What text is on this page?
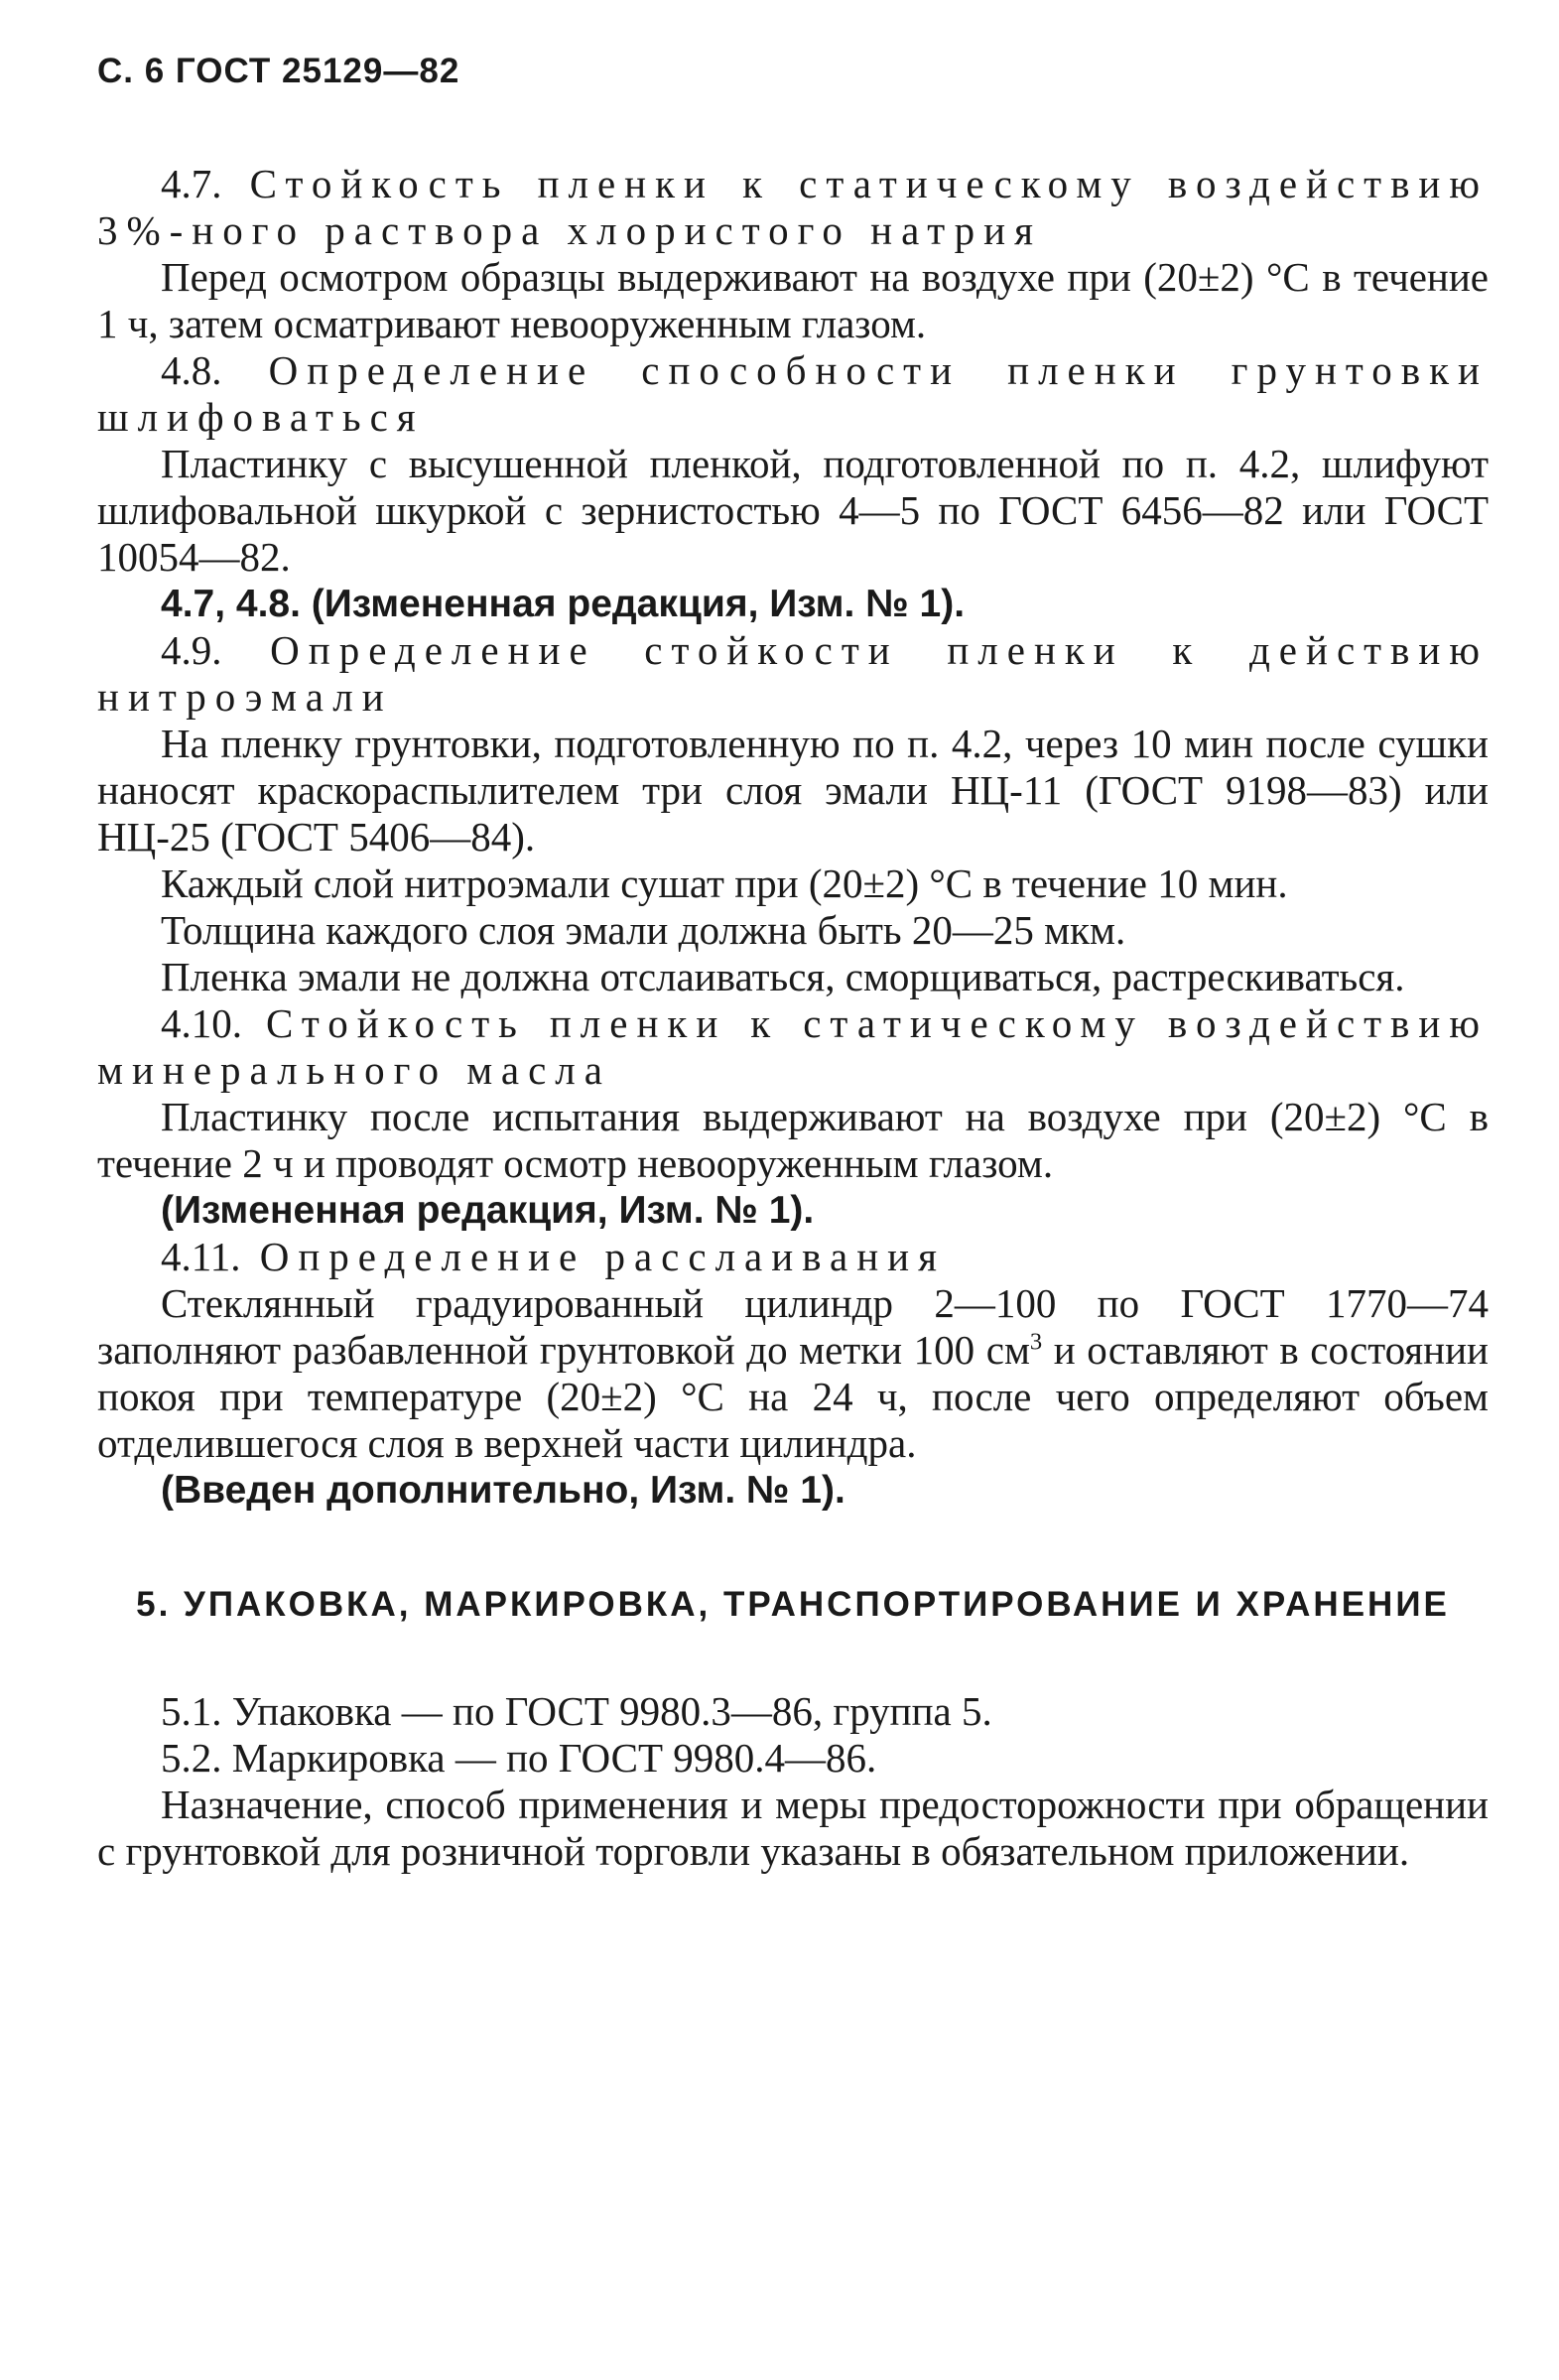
С. 6 ГОСТ 25129—82

4.7. Стойкость пленки к статическому воздействию 3%-ного раствора хлористого натрия

Перед осмотром образцы выдерживают на воздухе при (20±2) °С в течение 1 ч, затем осматривают невооруженным глазом.

4.8. Определение способности пленки грунтовки шлифоваться

Пластинку с высушенной пленкой, подготовленной по п. 4.2, шлифуют шлифовальной шкуркой с зернистостью 4—5 по ГОСТ 6456—82 или ГОСТ 10054—82.

4.7, 4.8. (Измененная редакция, Изм. № 1).

4.9. Определение стойкости пленки к действию нитроэмали

На пленку грунтовки, подготовленную по п. 4.2, через 10 мин после сушки наносят краскораспылителем три слоя эмали НЦ-11 (ГОСТ 9198—83) или НЦ-25 (ГОСТ 5406—84).

Каждый слой нитроэмали сушат при (20±2) °С в течение 10 мин.

Толщина каждого слоя эмали должна быть 20—25 мкм.

Пленка эмали не должна отслаиваться, сморщиваться, растрескиваться.

4.10. Стойкость пленки к статическому воздействию минерального масла

Пластинку после испытания выдерживают на воздухе при (20±2) °С в течение 2 ч и проводят осмотр невооруженным глазом.

(Измененная редакция, Изм. № 1).

4.11. Определение расслаивания

Стеклянный градуированный цилиндр 2—100 по ГОСТ 1770—74 заполняют разбавленной грунтовкой до метки 100 $см^3$ и оставляют в состоянии покоя при температуре (20±2) °С на 24 ч, после чего определяют объем отделившегося слоя в верхней части цилиндра.

(Введен дополнительно, Изм. № 1).

5. УПАКОВКА, МАРКИРОВКА, ТРАНСПОРТИРОВАНИЕ И ХРАНЕНИЕ

5.1. Упаковка — по ГОСТ 9980.3—86, группа 5.

5.2. Маркировка — по ГОСТ 9980.4—86.

Назначение, способ применения и меры предосторожности при обращении с грунтовкой для розничной торговли указаны в обязательном приложении.
